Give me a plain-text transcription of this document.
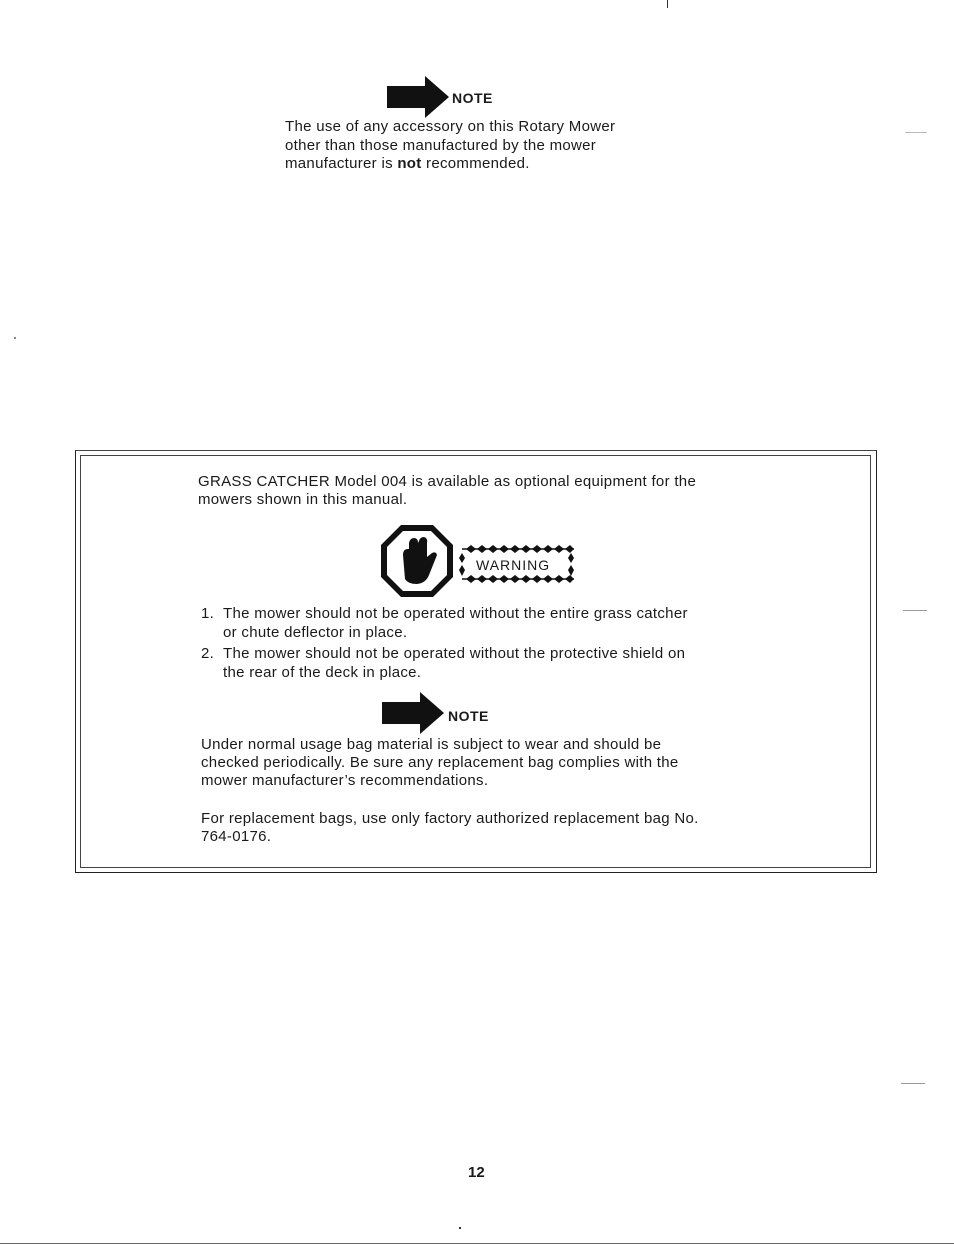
NOTE
The use of any accessory on this Rotary Mower
other than those manufactured by the mower
manufacturer is not recommended.
GRASS CATCHER Model 004 is available as optional equipment for the
mowers shown in this manual.
WARNING
1. The mower should not be operated without the entire grass catcher
or chute deflector in place.
2. The mower should not be operated without the protective shield on
the rear of the deck in place.
NOTE
Under normal usage bag material is subject to wear and should be
checked periodically. Be sure any replacement bag complies with the
mower manufacturer’s recommendations.
For replacement bags, use only factory authorized replacement bag No.
764-0176.
12
